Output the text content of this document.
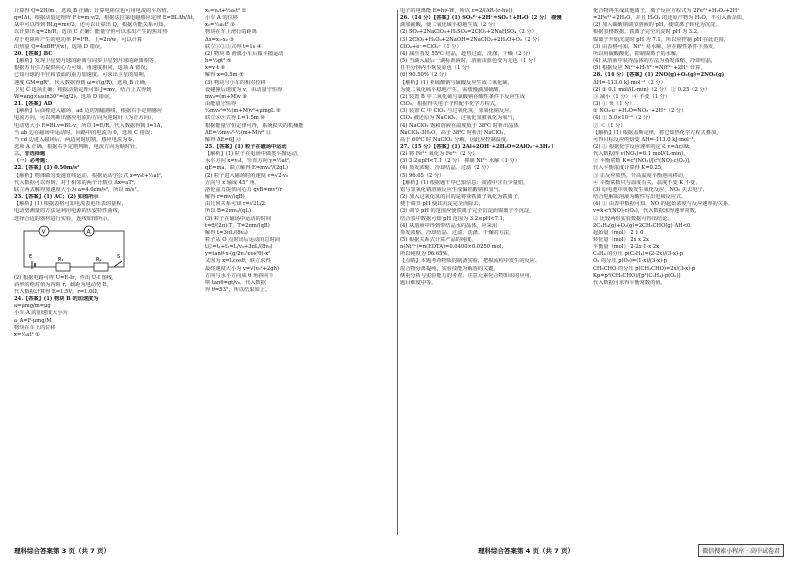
计算得 Q=2H/m ，选项 B 正确；计算电阻位也可用电流的平均值，
q=IΔt，根据动量定理得 F·t=m·v/2，根据法拉第电磁感应定律 E=BLΔh/Δt，
从中可以得到 BLq=mv/2，还可以计算出 Q，根据功能关系可知，
以计算出 q=2h/R，选项 C 正确；能量守恒可以求出产生的焦耳热
对于电阻所产生的电功率 P=I²R，上=2π/w，可以计算
出热量 Q=4πBR²/(w)，选项 D 错误。
20.【答案】BC
【解析】发现卫星到月球的距离与同步卫星到月球的距离相等，
根据万有引力提供向心力可知，角速度相同，选项 A 错误；
已知月球的半径和表面的重力加速度，可求出卫星的周期，
速度 GM=gR²，代入数据得到 ω=√(g/R)，选项 B 正确，
卫星 C 选项正确；根据动量定理可知 J=mv，结合上式得到
W=ang×ωsin30°=(g/2)，选项 D 错误。
21.【答案】AD
【解析】后面棒进入磁场，ad 边切割磁感线，根据右手定则感应
电流方向，可以判断出感应电流的方向为逆时针（为正方向），
电动势大小 E=BLv=BL·v，所以 I=E/R，代入数据得到 I=1A，
当 ab 边在磁场中运动时，回路中的电流为 0，选项 C 错误；
当 cd 边进入磁场后，两边同时切割，感应电流为零，
选项 A 正确，根据右手定则判断，电流方向为顺时针。
三、非选择题
（一）必考题：
22.【答案】(1) 0.50m/s²
【解析】物体做匀变速直线运动，根据运动学公式 x=v₀t+½at²，
代入数据可以得到，对于相邻的两个计数点 Δx=aT²，
联立两式解得加速度大小为 a=4.0cm/s²，所以 m/s²。
23.【答案】(1) AC；(2) 如图所示
【解析】(1) 根据表格可知电流表电压表的量程，
电动势测量的方法是利用电源的伏安特性曲线，
选择合适的器材进行实验，连线如图所示。
V	A
R₁	R₂
E	S
(2) 根据电路可得 U=E-Ir，作出 U-I 图线，
斜率的绝对值为内阻 r，截距为电动势 E，
代入数据计算得 E=1.5V，r=1.0Ω，
24.【答案】(1) 物块 B 的加速度为
a=μmg/m=μg
小车 A 的加速度大小为
a_A=F-μmg/M
物块在车上的位移
x=½at² ①
x₁=v₀t+½a₁t² ①
小车 A 的位移
x₂=½a₂t² ②
物块在车上滑行的距离
Δx=x₁-x₂ ③
联立①②③式得 t=1s ④
(2) 物块 B 滑离小车后做平抛运动
h=½gt² ⑤
x=v·t ⑥
解得 x=0.5m ⑦
(3) 物块与小车的相对位移
设碰撞后速度为 v，由动量守恒得
mv₀=(m+M)v ⑧
由能量守恒得
½mv₀²=½(m+M)v²+μmgL ⑨
联立⑧⑨式得 L=1.5m ⑩
根据能量守恒定律可得，系统损失的机械能
ΔE=½mv₀²-½(m+M)v² ⑪
解得 ΔE=6J ⑫
25.【答案】(1) 粒子在磁场中运动
【解析】(1) 粒子在电场中做类平抛运动，
水平方向 x=v₀t，竖直方向 y=½at²，
qE=ma，联立解得 E=mv₀²/(2qL)
(2) 粒子进入磁场时的速度 v=√2·v₀
方向与 x 轴成 45° 角，
洛伦兹力提供向心力 qvB=mv²/r
解得 r=mv/(qB)
由几何关系可知 r=√2L/2
所以 B=2mv₀/(qL)
(3) 粒子在磁场中运动的时间
t=θ/(2π)·T，T=2πm/(qB)
解得 t=3πL/(8v₀)
粒子从 O 点射出后运动的总时间
t总=t₁+t₂=L/v₀+3πL/(8v₀)
y=tanθ·x-(g/2v₀²cos²θ)·x²
又因为 x=Lcosθ，联立求得
最终速度大小为 v=√(v₀²+2gh)
方向与水平方向成 θ 角斜向下
则 tanθ=gt/v₀，代入数据
得 θ=53°，所以结果如上。
电子的电离能 E=hν-W，所以 c=2/(ΔR·(c-hν))
26.（14 分）【答案】(1) SO₃²⁻+2H⁺=SO₂↑+H₂O（2 分） 缓慢
滴加硫酸，使二氧化硫平稳地生成（2 分）
(2) SO₂+2NaClO₃+H₂SO₄=2ClO₂+2NaHSO₄（2 分）
(3) 2ClO₂+H₂O₂+2NaOH=2NaClO₂+2H₂O+O₂（2 分）
ClO₂+e⁻=ClO₂⁻（1 分）
(4) 减压蒸发 55℃ 结晶，趁热过滤，洗涤，干燥（2 分）
(5) 当滴入最后一滴标准液时，溶液由蓝色变为无色（1 分）
且半分钟内不恢复原色（1 分）
(6) 90.50%（2 分）
【解析】(1) 亚硫酸钠与硫酸反应生成二氧化硫，
为使二氧化硫平稳地产生，需缓慢滴加硫酸，
(2) 装置 B 中二氧化硫与氯酸钠在酸性条件下反应生成
ClO₂，根据得失电子守恒配平化学方程式，
(3) 装置 C 中 ClO₂ 与过氧化氢、氢氧化钠反应，
ClO₂ 被还原为 NaClO₂，过氧化氢被氧化为氧气，
(4) NaClO₂ 饱和溶液在温度低于 38℃ 时析出晶体
NaClO₂·3H₂O，高于 38℃ 时析出 NaClO₂，
高于 60℃ 时 NaClO₂ 分解，因此应控制温度。
27.（15 分）【答案】(1) 2Al+2OH⁻+2H₂O=2AlO₂⁻+3H₂↑
(2) 将 Fe²⁺ 氧化为 Fe³⁺（2 分）
(3) 3.2≤pH<7.1（2 分） 抑制 Ni²⁺ 水解（1 分）
(4) 蒸发浓缩、冷却结晶、过滤（2 分）
(5) 96.65（2 分）
【解析】(1) 根据题干中已知信息：废渣中含有少量铝，
铝与氢氧化钠溶液反应生成偏铝酸钠和氢气，
(2) 加入过氧化氢的目的是将亚铁离子氧化为铁离子，
便于调节 pH 使其沉淀完全而除去，
(3) 调节 pH 的范围应使铁离子完全沉淀而镍离子不沉淀，
结合表中数据可知 pH 范围为 3.2≤pH<7.1，
(4) 从溶液中得到带结晶水的晶体，应采用
蒸发浓缩、冷却结晶、过滤、洗涤、干燥的方法，
(5) 根据关系式计算产品的纯度，
n(Ni²⁺)=n(EDTA)=0.0400×0.0250 mol，
所以纯度为 96.65%。
【点睛】本题考查物质的制备实验，把握流程中发生的反应、
混合物分离提纯、实验技能为解答的关键，
侧重分析与实验能力的考查，注意元素化合物知识的应用，
题目难度中等。
化合物再生成其他离子，离子反应方程式为 2Fe²⁺+H₂O₂+2H⁺
=2Fe³⁺+2H₂O，并且 H₂O₂ 的还原产物为 H₂O，不引入新杂质，
(2) 加入碳酸钠调节溶液的 pH，使铁离子转化为沉淀，
根据表格数据，铁离子完全沉淀时 pH 为 3.2，
镍离子开始沉淀时 pH 为 7.1，所以应控制 pH 在此范围，
(3) 由表格可知，Ni²⁺ 易水解，应在酸性条件下蒸发，
所以用硫酸酸化，抑制镍离子的水解，
(4) 从溶液中获得晶体的方法为蒸发浓缩、冷却结晶，
(5) 根据反应 Ni²⁺+H₂Y²⁻=NiY²⁻+2H⁺ 计算，
28.（14 分）【答案】(1) 2NO(g)+O₂(g)=2NO₂(g)
ΔH=-113.0 kJ·mol⁻¹（2 分）
(2) ① 0.1 mol/(L·min)（2 分） ② 0.25（2 分）
③ 减小（1 分） ④ 不变（1 分）
(3) ① 负（1 分）
② NO₂-e⁻+H₂O=NO₃⁻+2H⁺（2 分）
(4) ① 5.0×10⁻⁴（2 分）
② ＜（1 分）
【解析】(1) 根据盖斯定律，将已知热化学方程式叠加，
可得目标反应的焓变 ΔH=-113.0 kJ·mol⁻¹，
(2) ① 根据化学反应速率的定义 v=Δc/Δt，
代入数据得 v(NO₂)=0.1 mol/(L·min)，
② 平衡常数 K=c²(NO₂)/[c²(NO)·c(O₂)]，
代入平衡浓度计算得 K=0.25，
③ 正反应放热，升高温度平衡逆向移动，
④ 平衡常数只与温度有关，温度不变 K 不变，
(3) 原电池中负极发生氧化反应，NO₂ 失去电子，
结合电解质溶液为酸性写出电极反应式，
(4) ① 由表中数据可知，NO 的起始浓度与反应速率的关系，
v=k·c²(NO)·c(O₂)，代入数据求得速率常数，
② 比较两组实验数据可得出结论。
2C₂H₄(g)+O₂(g)=2CH₃CHO(g) ΔH<0
起始量（mol） 2 1 0
转化量（mol） 2x x 2x
平衡量（mol） 2-2x 1-x 2x
C₂H₄ 的分压 p(C₂H₄)=(2-2x)/(3-x)·p
O₂ 的分压 p(O₂)=(1-x)/(3-x)·p
CH₃CHO 的分压 p(CH₃CHO)=2x/(3-x)·p
Kp=p²(CH₃CHO)/[p²(C₂H₄)·p(O₂)]
代入数据可求得平衡常数的值。
理科综合答案第 3 页（共 7 页）	理科综合答案第 4 页（共 7 页）	微信搜索小程序 · 高中试卷君
